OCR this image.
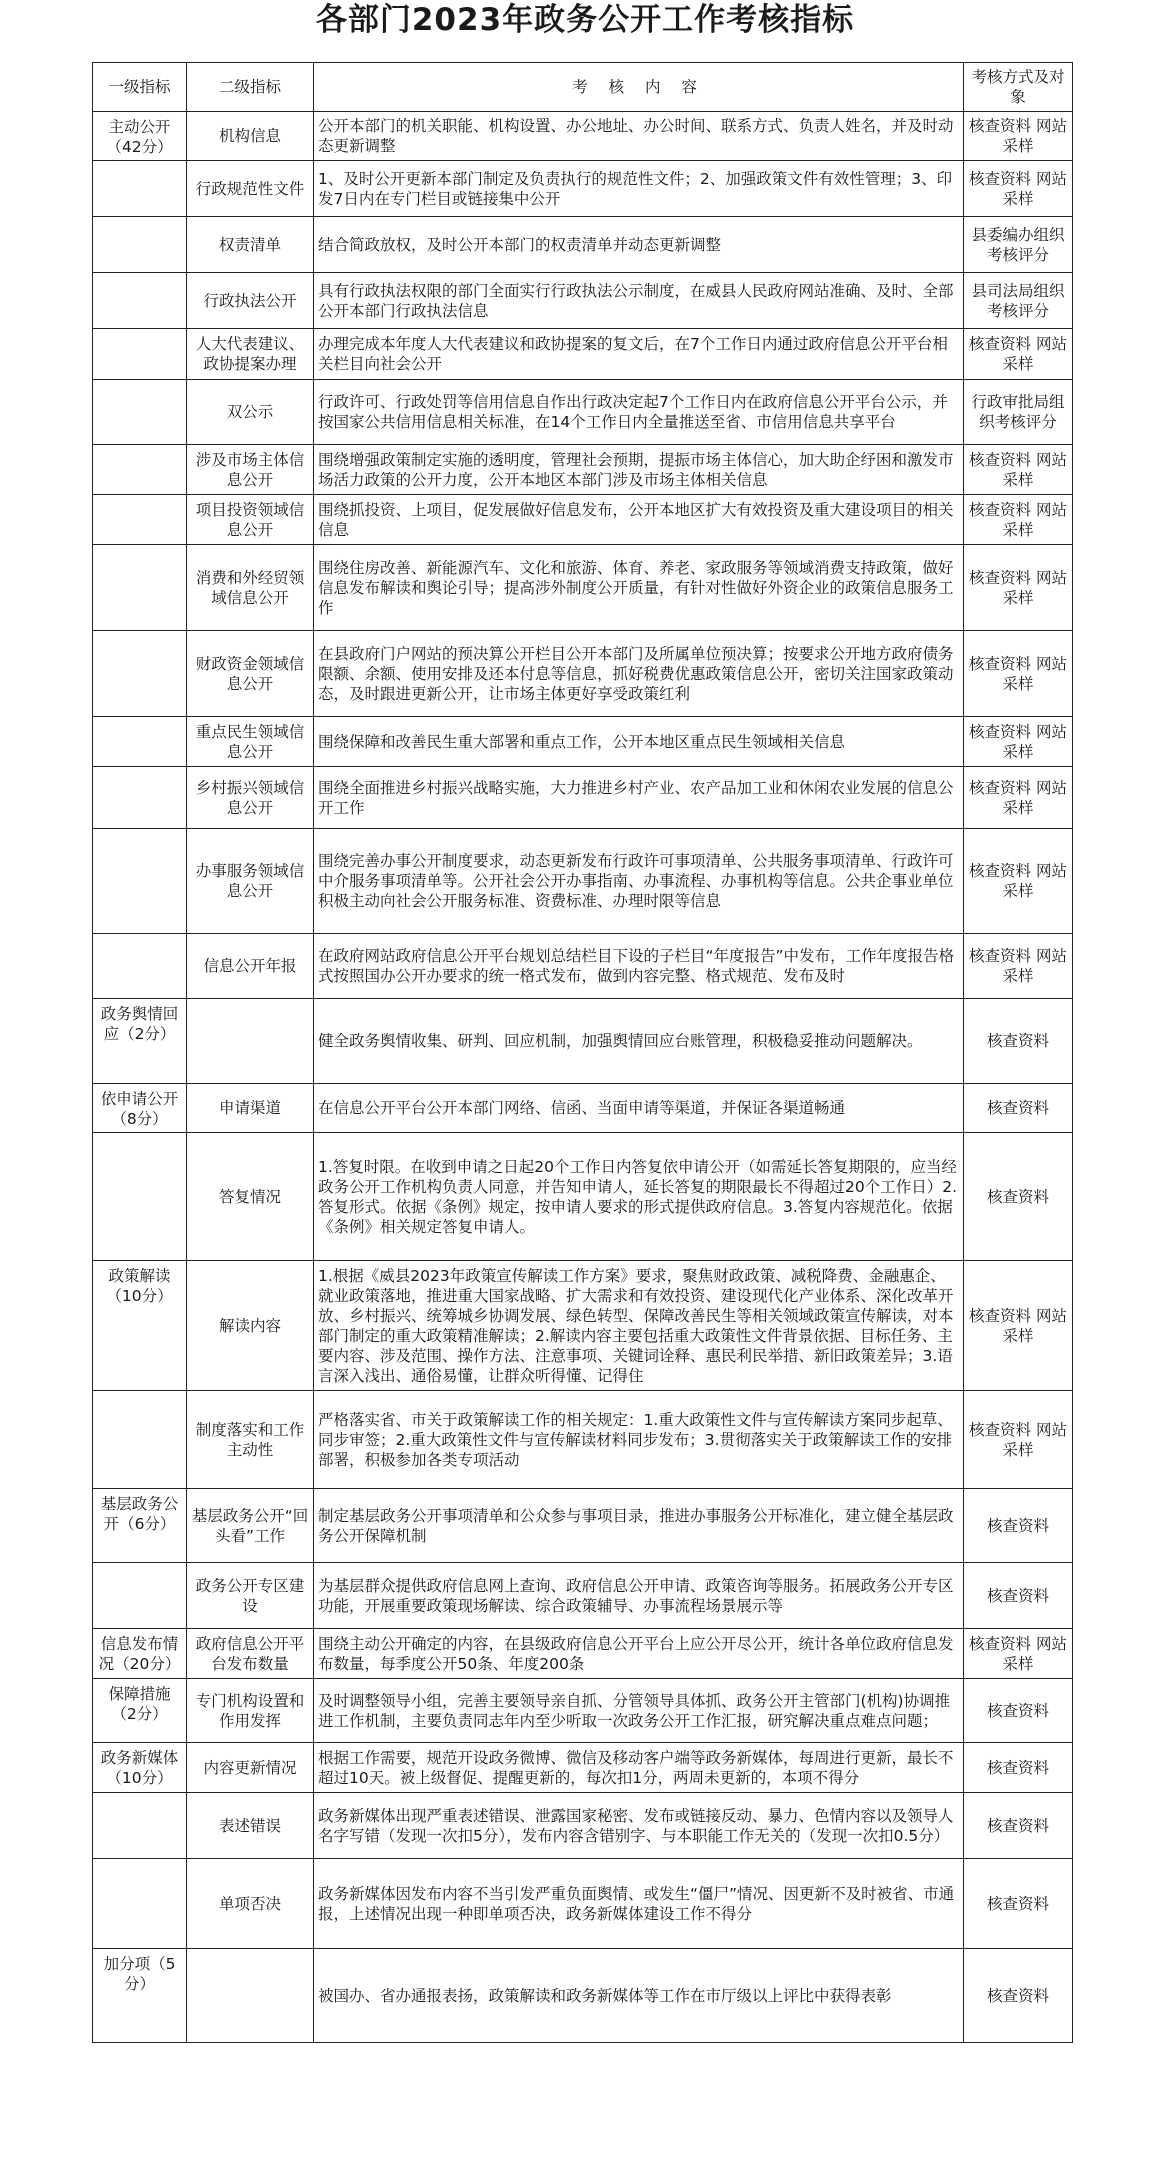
各部门2023年政务公开工作考核指标
一级指标	二级指标	考 核 内 容	考核方式及对象
主动公开（42分）	机构信息	公开本部门的机关职能、机构设置、办公地址、办公时间、联系方式、负责人姓名，并及时动态更新调整	核查资料 网站采样
	行政规范性文件	1、及时公开更新本部门制定及负责执行的规范性文件；2、加强政策文件有效性管理；3、印发7日内在专门栏目或链接集中公开	核查资料 网站采样
	权责清单	结合简政放权，及时公开本部门的权责清单并动态更新调整	县委编办组织考核评分
	行政执法公开	具有行政执法权限的部门全面实行行政执法公示制度，在威县人民政府网站准确、及时、全部公开本部门行政执法信息	县司法局组织考核评分
	人大代表建议、政协提案办理	办理完成本年度人大代表建议和政协提案的复文后，在7个工作日内通过政府信息公开平台相关栏目向社会公开	核查资料 网站采样
	双公示	行政许可、行政处罚等信用信息自作出行政决定起7个工作日内在政府信息公开平台公示，并按国家公共信用信息相关标准，在14个工作日内全量推送至省、市信用信息共享平台	行政审批局组织考核评分
	涉及市场主体信息公开	围绕增强政策制定实施的透明度，管理社会预期，提振市场主体信心，加大助企纾困和激发市场活力政策的公开力度，公开本地区本部门涉及市场主体相关信息	核查资料 网站采样
	项目投资领域信息公开	围绕抓投资、上项目，促发展做好信息发布，公开本地区扩大有效投资及重大建设项目的相关信息	核查资料 网站采样
	消费和外经贸领域信息公开	围绕住房改善、新能源汽车、文化和旅游、体育、养老、家政服务等领域消费支持政策，做好信息发布解读和舆论引导；提高涉外制度公开质量，有针对性做好外资企业的政策信息服务工作	核查资料 网站采样
	财政资金领域信息公开	在县政府门户网站的预决算公开栏目公开本部门及所属单位预决算；按要求公开地方政府债务限额、余额、使用安排及还本付息等信息，抓好税费优惠政策信息公开，密切关注国家政策动态，及时跟进更新公开，让市场主体更好享受政策红利	核查资料 网站采样
	重点民生领域信息公开	围绕保障和改善民生重大部署和重点工作，公开本地区重点民生领域相关信息	核查资料 网站采样
	乡村振兴领域信息公开	围绕全面推进乡村振兴战略实施，大力推进乡村产业、农产品加工业和休闲农业发展的信息公开工作	核查资料 网站采样
	办事服务领域信息公开	围绕完善办事公开制度要求，动态更新发布行政许可事项清单、公共服务事项清单、行政许可中介服务事项清单等。公开社会公开办事指南、办事流程、办事机构等信息。公共企事业单位积极主动向社会公开服务标准、资费标准、办理时限等信息	核查资料 网站采样
	信息公开年报	在政府网站政府信息公开平台规划总结栏目下设的子栏目“年度报告”中发布，工作年度报告格式按照国办公开办要求的统一格式发布，做到内容完整、格式规范、发布及时	核查资料 网站采样
政务舆情回应（2分）		健全政务舆情收集、研判、回应机制，加强舆情回应台账管理，积极稳妥推动问题解决。	核查资料
依申请公开（8分）	申请渠道	在信息公开平台公开本部门网络、信函、当面申请等渠道，并保证各渠道畅通	核查资料
	答复情况	1.答复时限。在收到申请之日起20个工作日内答复依申请公开（如需延长答复期限的，应当经政务公开工作机构负责人同意，并告知申请人，延长答复的期限最长不得超过20个工作日）2.答复形式。依据《条例》规定，按申请人要求的形式提供政府信息。3.答复内容规范化。依据《条例》相关规定答复申请人。	核查资料
政策解读（10分）	解读内容	1.根据《威县2023年政策宣传解读工作方案》要求，聚焦财政政策、减税降费、金融惠企、就业政策落地，推进重大国家战略、扩大需求和有效投资、建设现代化产业体系、深化改革开放、乡村振兴、统筹城乡协调发展、绿色转型、保障改善民生等相关领域政策宣传解读，对本部门制定的重大政策精准解读；2.解读内容主要包括重大政策性文件背景依据、目标任务、主要内容、涉及范围、操作方法、注意事项、关键词诠释、惠民利民举措、新旧政策差异；3.语言深入浅出、通俗易懂，让群众听得懂、记得住	核查资料 网站采样
	制度落实和工作主动性	严格落实省、市关于政策解读工作的相关规定：1.重大政策性文件与宣传解读方案同步起草、同步审签；2.重大政策性文件与宣传解读材料同步发布；3.贯彻落实关于政策解读工作的安排部署，积极参加各类专项活动	核查资料 网站采样
基层政务公开（6分）	基层政务公开“回头看”工作	制定基层政务公开事项清单和公众参与事项目录，推进办事服务公开标准化，建立健全基层政务公开保障机制	核查资料
	政务公开专区建设	为基层群众提供政府信息网上查询、政府信息公开申请、政策咨询等服务。拓展政务公开专区功能，开展重要政策现场解读、综合政策辅导、办事流程场景展示等	核查资料
信息发布情况（20分）	政府信息公开平台发布数量	围绕主动公开确定的内容，在县级政府信息公开平台上应公开尽公开，统计各单位政府信息发布数量，每季度公开50条、年度200条	核查资料 网站采样
保障措施（2分）	专门机构设置和作用发挥	及时调整领导小组，完善主要领导亲自抓、分管领导具体抓、政务公开主管部门(机构)协调推进工作机制，主要负责同志年内至少听取一次政务公开工作汇报，研究解决重点难点问题；	核查资料
政务新媒体（10分）	内容更新情况	根据工作需要，规范开设政务微博、微信及移动客户端等政务新媒体，每周进行更新，最长不超过10天。被上级督促、提醒更新的，每次扣1分，两周未更新的，本项不得分	核查资料
	表述错误	政务新媒体出现严重表述错误、泄露国家秘密、发布或链接反动、暴力、色情内容以及领导人名字写错（发现一次扣5分），发布内容含错别字、与本职能工作无关的（发现一次扣0.5分）	核查资料
	单项否决	政务新媒体因发布内容不当引发严重负面舆情、或发生“僵尸”情况、因更新不及时被省、市通报，上述情况出现一种即单项否决，政务新媒体建设工作不得分	核查资料
加分项（5分）		被国办、省办通报表扬，政策解读和政务新媒体等工作在市厅级以上评比中获得表彰	核查资料
